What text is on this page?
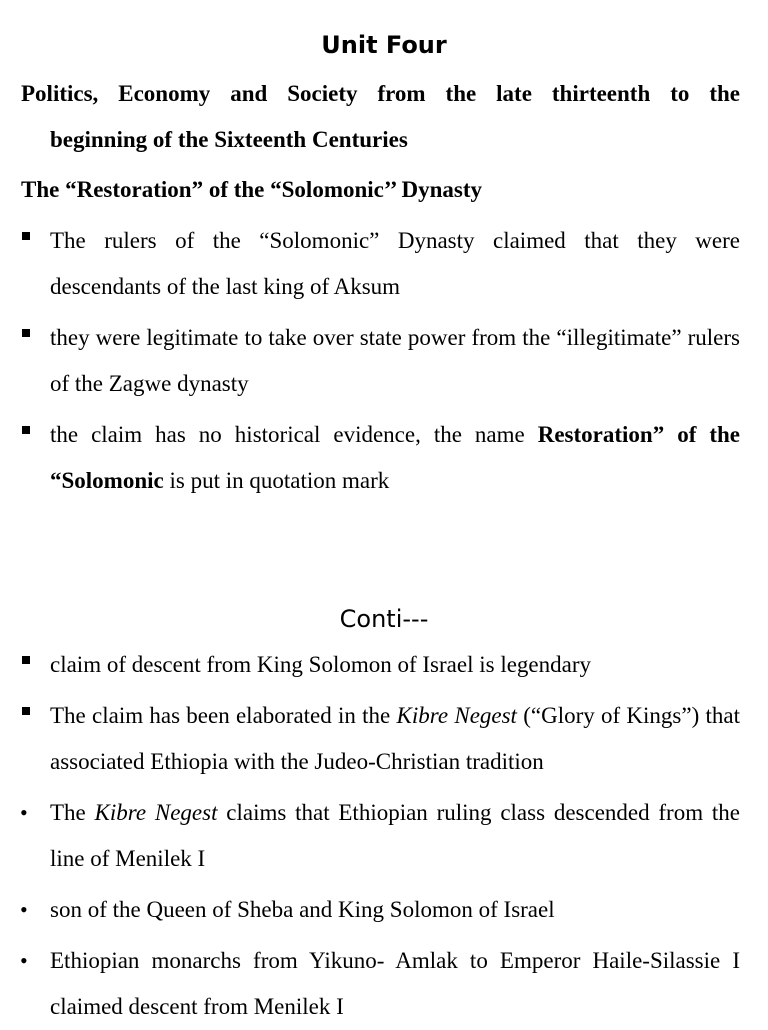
Unit Four
Politics, Economy and Society from the late thirteenth to the
beginning of the Sixteenth Centuries
The “Restoration” of the “Solomonic’’ Dynasty
The rulers of the “Solomonic” Dynasty claimed that they were descendants of the last king of Aksum
they were legitimate to take over state power from the “illegitimate” rulers of the Zagwe dynasty
the claim has no historical evidence, the name Restoration” of the “Solomonic is put in quotation mark
Conti---
claim of descent from King Solomon of Israel is legendary
The claim has been elaborated in the Kibre Negest (“Glory of Kings”) that associated Ethiopia with the Judeo-Christian tradition
• The Kibre Negest claims that Ethiopian ruling class descended from the line of Menilek I
• son of the Queen of Sheba and King Solomon of Israel
• Ethiopian monarchs from Yikuno- Amlak to Emperor Haile-Silassie I claimed descent from Menilek I
